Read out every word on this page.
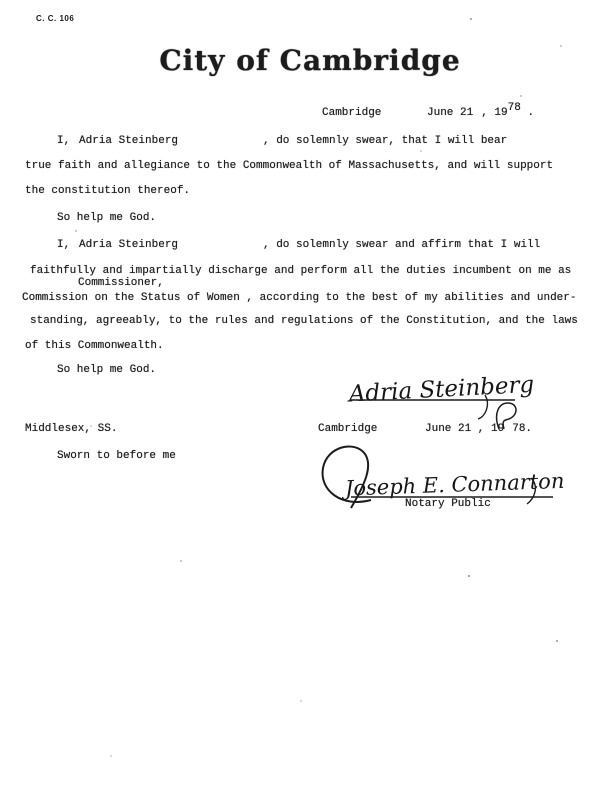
C. C. 106
City of Cambridge
Cambridge	June 21 , 1978 .
I, Adria Steinberg	, do solemnly swear, that I will bear
true faith and allegiance to the Commonwealth of Massachusetts, and will support
the constitution thereof.
So help me God.
I, Adria Steinberg	, do solemnly swear and affirm that I will
faithfully and impartially discharge and perform all the duties incumbent on me as
Commissioner,
Commission on the Status of Women , according to the best of my abilities and under-
standing, agreeably, to the rules and regulations of the Constitution, and the laws
of this Commonwealth.
So help me God.
Adria Steinberg
Middlesex, SS.	Cambridge	June 21 , 19 78.
Sworn to before me
Joseph E. Connarton
Notary Public
